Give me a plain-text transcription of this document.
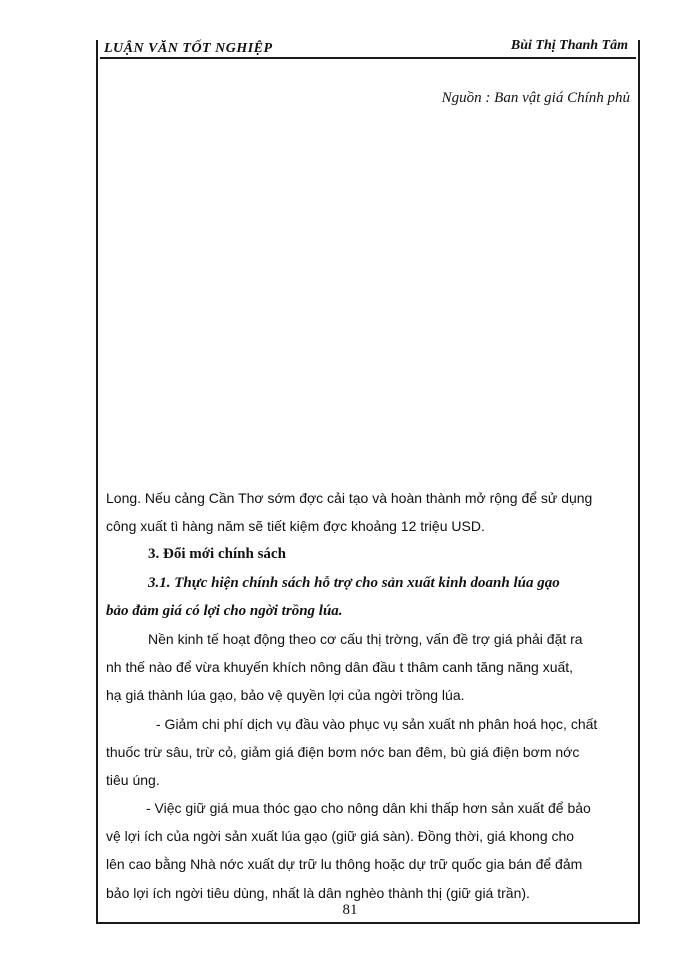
LUẬN VĂN TỐT NGHIỆP	Bùi Thị Thanh Tâm
Nguồn : Ban vật giá Chính phủ
Long. Nếu cảng Cần Thơ sớm đợc cải tạo và hoàn thành mở rộng để sử dụng
công xuất tì hàng năm sẽ tiết kiệm đợc khoảng 12 triệu USD.
3. Đổi mới chính sách
3.1. Thực hiện chính sách hỗ trợ cho sản xuất kinh doanh lúa gạo
bảo đảm giá có lợi cho ngời trồng lúa.
Nền kinh tế hoạt động theo cơ cấu thị trờng, vấn đề trợ giá phải đặt ra
nh thế nào để vừa khuyến khích nông dân đầu t thâm canh tăng năng xuất,
hạ giá thành lúa gạo, bảo vệ quyền lợi của ngời trồng lúa.
- Giảm chi phí dịch vụ đầu vào phục vụ sản xuất nh phân hoá học, chất
thuốc trừ sâu, trừ cỏ, giảm giá điện bơm nớc ban đêm, bù giá điện bơm nớc
tiêu úng.
- Việc giữ giá mua thóc gạo cho nông dân khi thấp hơn sản xuất để bảo
vệ lợi ích của ngời sản xuất lúa gạo (giữ giá sàn). Đồng thời, giá khong cho
lên cao bằng Nhà nớc xuất dự trữ lu thông hoặc dự trữ quốc gia bán để đảm
bảo lợi ích ngời tiêu dùng, nhất là dân nghèo thành thị (giữ giá trần).
81
